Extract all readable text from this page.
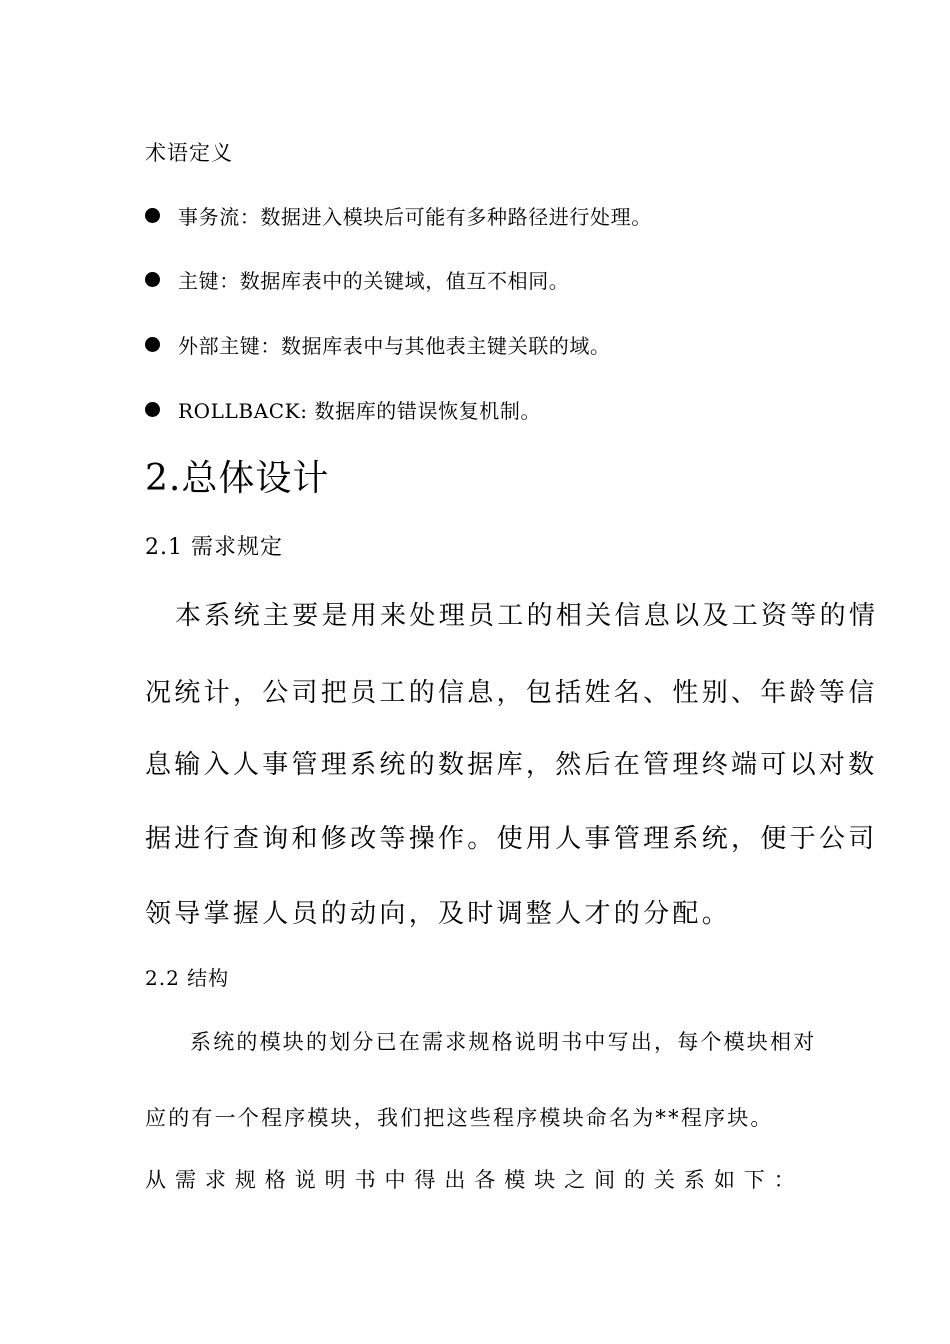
术语定义
事务流：数据进入模块后可能有多种路径进行处理。
主键：数据库表中的关键域，值互不相同。
外部主键：数据库表中与其他表主键关联的域。
ROLLBACK: 数据库的错误恢复机制。
2.总体设计
2.1 需求规定
本系统主要是用来处理员工的相关信息以及工资等的情
况统计，公司把员工的信息，包括姓名、性别、年龄等信
息输入人事管理系统的数据库，然后在管理终端可以对数
据进行查询和修改等操作。使用人事管理系统，便于公司
领导掌握人员的动向，及时调整人才的分配。
2.2 结构
系统的模块的划分已在需求规格说明书中写出，每个模块相对
应的有一个程序模块，我们把这些程序模块命名为**程序块。
从 需 求 规 格 说 明 书 中 得 出 各 模 块 之 间 的 关 系 如 下 ：
